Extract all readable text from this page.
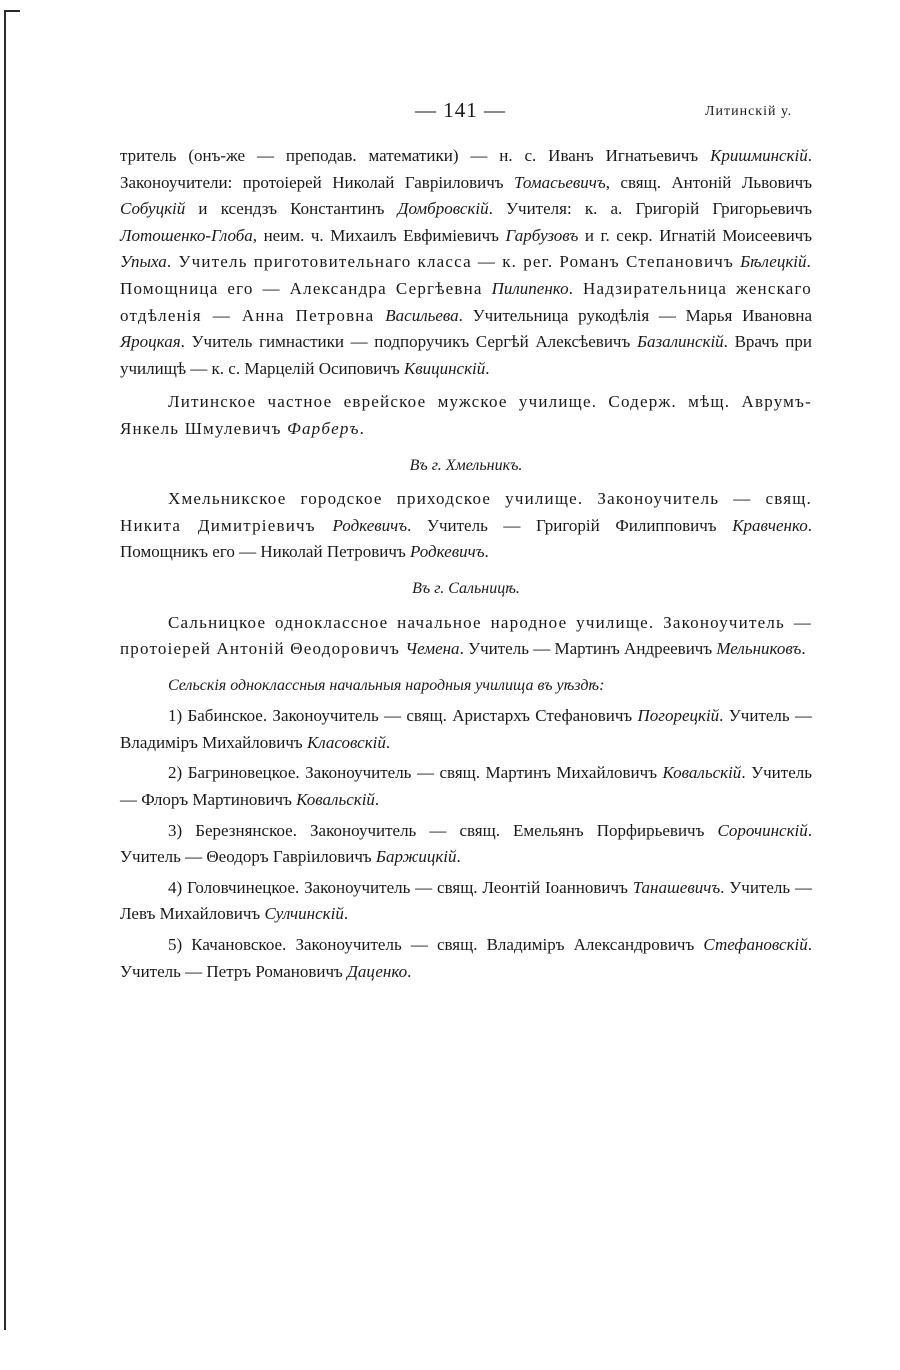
— 141 —	Литинскій у.

тритель (онъ-же — преподав. математики) — н. с. Иванъ Игнатьевичъ Кришминскій. Законоучители: протоіерей Николай Гавріиловичъ Томасьевичъ, свящ. Антоній Львовичъ Собуцкій и ксендзъ Константинъ Домбровскій. Учителя: к. а. Григорій Григорьевичъ Лотошенко-Глоба, неим. ч. Михаилъ Евфиміевичъ Гарбузовъ и г. секр. Игнатій Моисеевичъ Упыха. Учитель приготовительнаго класса — к. рег. Романъ Степановичъ Бѣлецкій. Помощница его — Александра Сергѣевна Пилипенко. Надзирательница женскаго отдѣленія — Анна Петровна Васильева. Учительница рукодѣлія — Марья Ивановна Яроцкая. Учитель гимнастики — подпоручикъ Сергѣй Алексѣевичъ Базалинскій. Врачъ при училищѣ — к. с. Марцелій Осиповичъ Квицинскій.

Литинское частное еврейское мужское училище. Содерж. мѣщ. Аврумъ-Янкель Шмулевичъ Фарберъ.

Въ г. Хмельникъ.

Хмельникское городское приходское училище. Законоучитель — свящ. Никита Димитріевичъ Родкевичъ. Учитель — Григорій Филипповичъ Кравченко. Помощникъ его — Николай Петровичъ Родкевичъ.

Въ г. Сальницѣ.

Сальницкое одноклассное начальное народное училище. Законоучитель — протоіерей Антоній Θеодоровичъ Чемена. Учитель — Мартинъ Андреевичъ Мельниковъ.

Сельскія одноклассныя начальныя народныя училища въ уѣздѣ:

1) Бабинское. Законоучитель — свящ. Аристархъ Стефановичъ Погорецкій. Учитель — Владиміръ Михайловичъ Класовскій.

2) Багриновецкое. Законоучитель — свящ. Мартинъ Михайловичъ Ковальскій. Учитель — Флоръ Мартиновичъ Ковальскій.

3) Березнянское. Законоучитель — свящ. Емельянъ Порфирьевичъ Сорочинскій. Учитель — Θеодоръ Гавріиловичъ Баржицкій.

4) Головчинецкое. Законоучитель — свящ. Леонтій Іоанновичъ Танашевичъ. Учитель — Левъ Михайловичъ Сулчинскій.

5) Качановское. Законоучитель — свящ. Владиміръ Александровичъ Стефановскій. Учитель — Петръ Романовичъ Даценко.
